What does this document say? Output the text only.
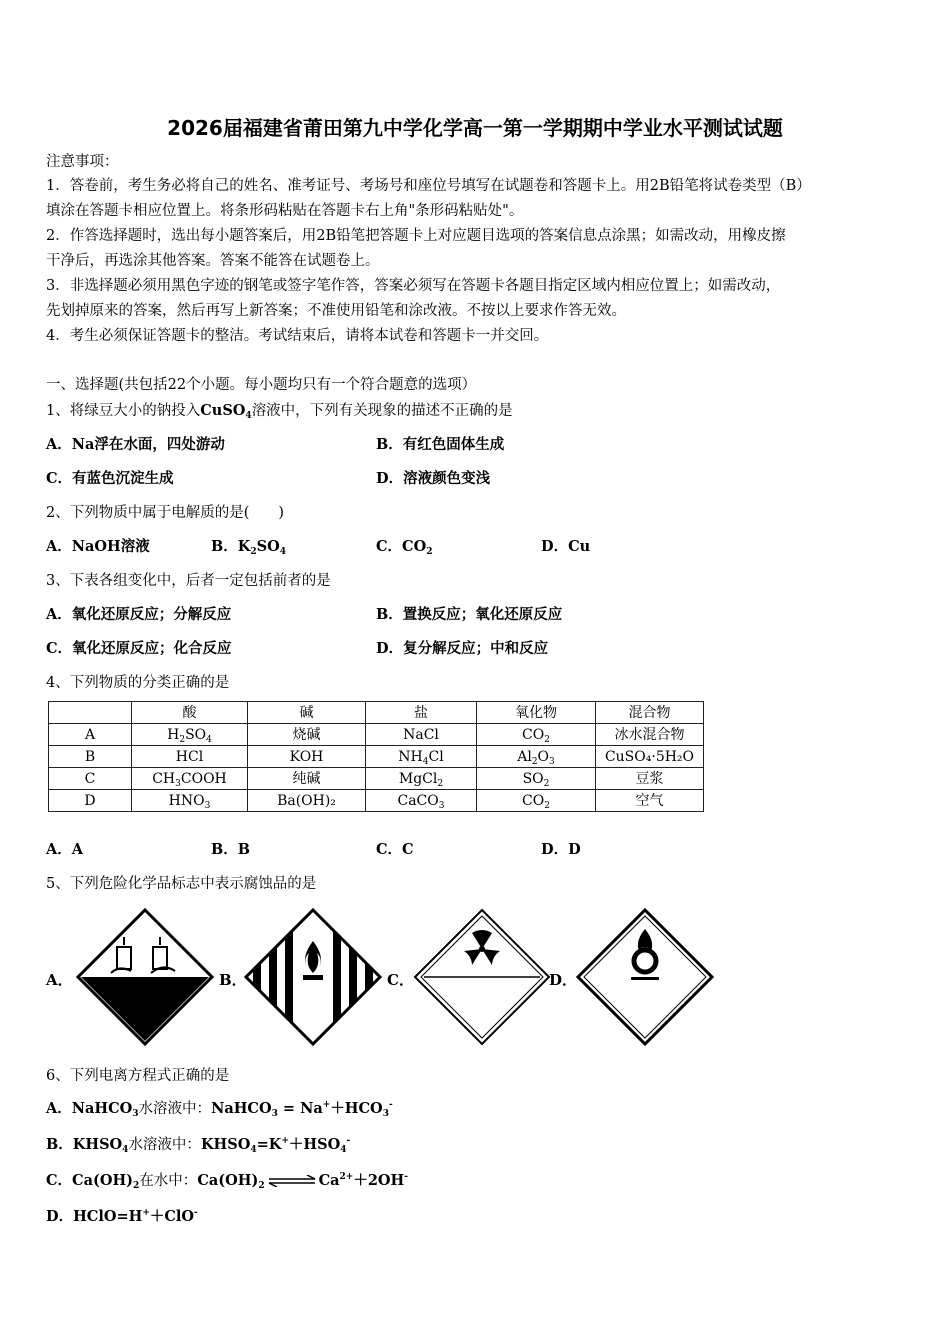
2026届福建省莆田第九中学化学高一第一学期期中学业水平测试试题
注意事项：
1．答卷前，考生务必将自己的姓名、准考证号、考场号和座位号填写在试题卷和答题卡上。用2B铅笔将试卷类型（B）
填涂在答题卡相应位置上。将条形码粘贴在答题卡右上角"条形码粘贴处"。
2．作答选择题时，选出每小题答案后，用2B铅笔把答题卡上对应题目选项的答案信息点涂黑；如需改动，用橡皮擦
干净后，再选涂其他答案。答案不能答在试题卷上。
3．非选择题必须用黑色字迹的钢笔或签字笔作答，答案必须写在答题卡各题目指定区域内相应位置上；如需改动，
先划掉原来的答案，然后再写上新答案；不准使用铅笔和涂改液。不按以上要求作答无效。
4．考生必须保证答题卡的整洁。考试结束后，请将本试卷和答题卡一并交回。
一、选择题(共包括22个小题。每小题均只有一个符合题意的选项）
1、将绿豆大小的钠投入CuSO$_4$溶液中，下列有关现象的描述不正确的是
A．Na浮在水面，四处游动	B．有红色固体生成
C．有蓝色沉淀生成	D．溶液颜色变浅
2、下列物质中属于电解质的是(　　)
A．NaOH溶液	B．$K_2SO_4$	C．$CO_2$	D．Cu
3、下表各组变化中，后者一定包括前者的是
A．氧化还原反应；分解反应	B．置换反应；氧化还原反应
C．氧化还原反应；化合反应	D．复分解反应；中和反应
4、下列物质的分类正确的是
	酸	碱	盐	氧化物	混合物
A	$H_2SO_4$	烧碱	NaCl	$CO_2$	冰水混合物
B	HCl	KOH	$NH_4Cl$	$Al_2O_3$	CuSO₄·5H₂O
C	$CH_3COOH$	纯碱	MgCl$_2$	$SO_2$	豆浆
D	$HNO_3$	Ba(OH)₂	CaCO$_3$	$CO_2$	空气
A．A	B．B	C．C	D．D
5、下列危险化学品标志中表示腐蚀品的是
A．	B．	C．	D．
6、下列电离方程式正确的是
A．NaHCO$_3$水溶液中：NaHCO$_3$ = $Na^++HCO_3^-$
B．$KHSO_4$水溶液中：$KHSO_4=K^++HSO_4^-$
C．$Ca(OH)_2$在水中：$Ca(OH)_2$ ⇌ $Ca^{2+}+2OH^-$
D．HClO=H+＋ClO-
